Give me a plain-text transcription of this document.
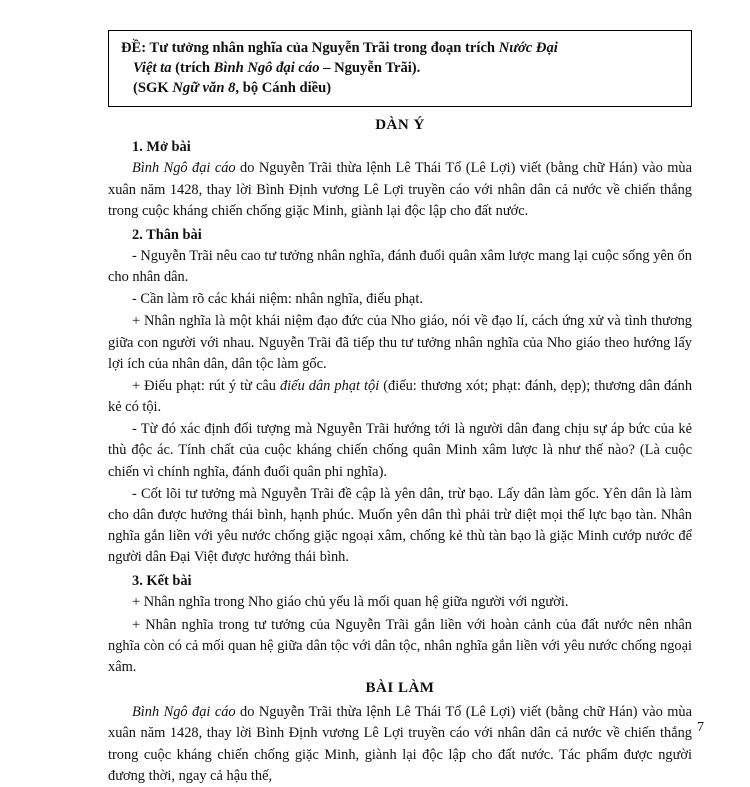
ĐỀ: Tư tưởng nhân nghĩa của Nguyễn Trãi trong đoạn trích Nước Đại
Việt ta (trích Bình Ngô đại cáo – Nguyễn Trãi).
(SGK Ngữ văn 8, bộ Cánh diều)
DÀN Ý
1. Mở bài

Bình Ngô đại cáo do Nguyễn Trãi thừa lệnh Lê Thái Tổ (Lê Lợi) viết (bằng chữ Hán) vào mùa xuân năm 1428, thay lời Bình Định vương Lê Lợi truyền cáo với nhân dân cả nước về chiến thắng trong cuộc kháng chiến chống giặc Minh, giành lại độc lập cho đất nước.

2. Thân bài

- Nguyễn Trãi nêu cao tư tưởng nhân nghĩa, đánh đuổi quân xâm lược mang lại cuộc sống yên ổn cho nhân dân.

- Cần làm rõ các khái niệm: nhân nghĩa, điếu phạt.

+ Nhân nghĩa là một khái niệm đạo đức của Nho giáo, nói về đạo lí, cách ứng xử và tình thương giữa con người với nhau. Nguyễn Trãi đã tiếp thu tư tưởng nhân nghĩa của Nho giáo theo hướng lấy lợi ích của nhân dân, dân tộc làm gốc.

+ Điếu phạt: rút ý từ câu điếu dân phạt tội (điếu: thương xót; phạt: đánh, dẹp); thương dân đánh kẻ có tội.

- Từ đó xác định đối tượng mà Nguyễn Trãi hướng tới là người dân đang chịu sự áp bức của kẻ thù độc ác. Tính chất của cuộc kháng chiến chống quân Minh xâm lược là như thế nào? (Là cuộc chiến vì chính nghĩa, đánh đuổi quân phi nghĩa).

- Cốt lõi tư tưởng mà Nguyễn Trãi đề cập là yên dân, trừ bạo. Lấy dân làm gốc. Yên dân là làm cho dân được hưởng thái bình, hạnh phúc. Muốn yên dân thì phải trừ diệt mọi thế lực bạo tàn. Nhân nghĩa gắn liền với yêu nước chống giặc ngoại xâm, chống kẻ thù tàn bạo là giặc Minh cướp nước để người dân Đại Việt được hưởng thái bình.

3. Kết bài

+ Nhân nghĩa trong Nho giáo chủ yếu là mối quan hệ giữa người với người.

+ Nhân nghĩa trong tư tưởng của Nguyễn Trãi gắn liền với hoàn cảnh của đất nước nên nhân nghĩa còn có cả mối quan hệ giữa dân tộc với dân tộc, nhân nghĩa gắn liền với yêu nước chống ngoại xâm.

BÀI LÀM

Bình Ngô đại cáo do Nguyễn Trãi thừa lệnh Lê Thái Tổ (Lê Lợi) viết (bằng chữ Hán) vào mùa xuân năm 1428, thay lời Bình Định vương Lê Lợi truyền cáo với nhân dân cả nước về chiến thắng trong cuộc kháng chiến chống giặc Minh, giành lại độc lập cho đất nước. Tác phẩm được người đương thời, ngay cả hậu thế,

7
